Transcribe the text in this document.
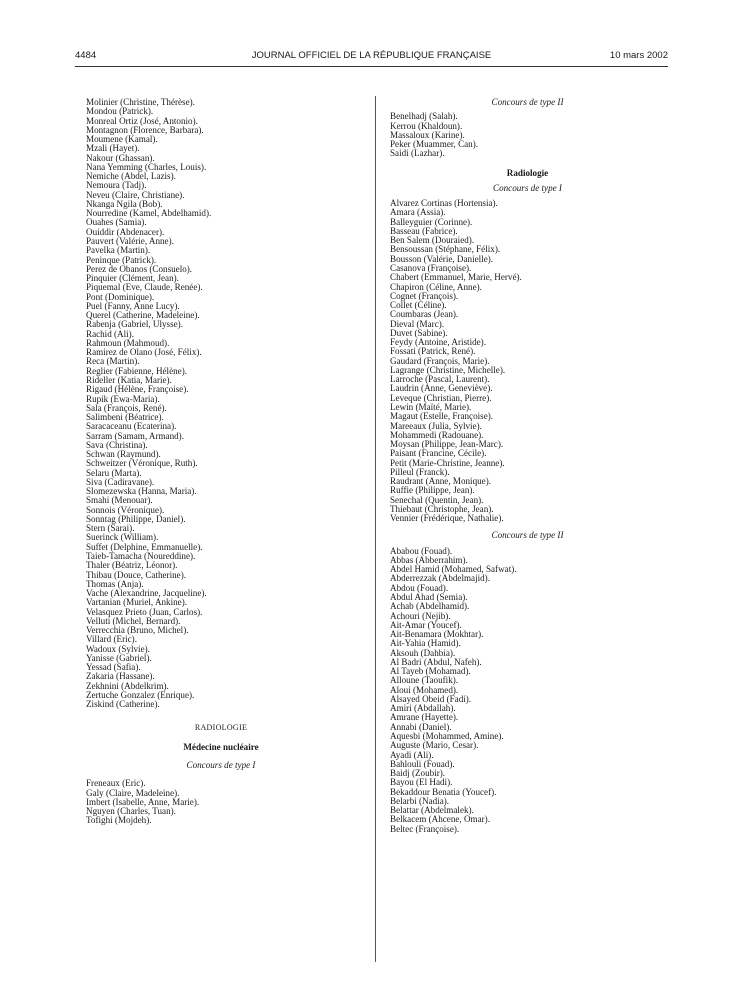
4484	JOURNAL OFFICIEL DE LA RÉPUBLIQUE FRANÇAISE	10 mars 2002
Molinier (Christine, Thérèse).
Mondou (Patrick).
Monreal Ortiz (José, Antonio).
Montagnon (Florence, Barbara).
Moumene (Kamal).
Mzali (Hayet).
Nakour (Ghassan).
Nana Yemming (Charles, Louis).
Nemiche (Abdel, Lazis).
Nemoura (Tadj).
Neveu (Claire, Christiane).
Nkanga Ngila (Bob).
Nourredine (Kamel, Abdelhamid).
Ouahes (Samia).
Ouiddir (Abdenacer).
Pauvert (Valérie, Anne).
Pavelka (Martin).
Peninque (Patrick).
Perez de Obanos (Consuelo).
Pinquier (Clément, Jean).
Piquemal (Eve, Claude, Renée).
Pont (Dominique).
Puel (Fanny, Anne Lucy).
Querel (Catherine, Madeleine).
Rabenja (Gabriel, Ulysse).
Rachid (Ali).
Rahmoun (Mahmoud).
Ramirez de Olano (José, Félix).
Reca (Martin).
Reglier (Fabienne, Hélène).
Rideller (Katia, Marie).
Rigaud (Hélène, Françoise).
Rupik (Ewa-Maria).
Sala (François, René).
Salimbeni (Béatrice).
Saracaceanu (Ecaterina).
Sarram (Samam, Armand).
Sava (Christina).
Schwan (Raymund).
Schweitzer (Véronique, Ruth).
Selaru (Marta).
Siva (Cadiravane).
Slomezewska (Hanna, Maria).
Smahi (Menouar).
Sonnois (Véronique).
Sonntag (Philippe, Daniel).
Stern (Sarai).
Suerinck (William).
Suffet (Delphine, Emmanuelle).
Taieb-Tamacha (Noureddine).
Thaler (Béatriz, Léonor).
Thibau (Douce, Catherine).
Thomas (Anja).
Vache (Alexandrine, Jacqueline).
Vartanian (Muriel, Ankine).
Velasquez Prieto (Juan, Carlos).
Velluti (Michel, Bernard).
Verrecchia (Bruno, Michel).
Villard (Eric).
Wadoux (Sylvie).
Yanisse (Gabriel).
Yessad (Safia).
Zakaria (Hassane).
Zekhnini (Abdelkrim).
Zertuche Gonzalez (Enrique).
Ziskind (Catherine).
RADIOLOGIE
Médecine nucléaire
Concours de type I
Freneaux (Eric).
Galy (Claire, Madeleine).
Imbert (Isabelle, Anne, Marie).
Nguyen (Charles, Tuan).
Tofighi (Mojdeh).
Concours de type II
Benelhadj (Salah).
Kerrou (Khaldoun).
Massaloux (Karine).
Peker (Muammer, Can).
Saidi (Lazhar).
Radiologie
Concours de type I
Alvarez Cortinas (Hortensia).
Amara (Assia).
Balleyguier (Corinne).
Basseau (Fabrice).
Ben Salem (Douraied).
Bensoussan (Stéphane, Félix).
Bousson (Valérie, Danielle).
Casanova (Françoise).
Chabert (Emmanuel, Marie, Hervé).
Chapiron (Céline, Anne).
Cognet (François).
Collet (Céline).
Coumbaras (Jean).
Dieval (Marc).
Duvet (Sabine).
Feydy (Antoine, Aristide).
Fossati (Patrick, René).
Gaudard (François, Marie).
Lagrange (Christine, Michelle).
Larroche (Pascal, Laurent).
Laudrin (Anne, Geneviève).
Leveque (Christian, Pierre).
Lewin (Maïté, Marie).
Magaut (Estelle, Françoise).
Mareeaux (Julia, Sylvie).
Mohammedi (Radouane).
Moysan (Philippe, Jean-Marc).
Paisant (Francine, Cécile).
Petit (Marie-Christine, Jeanne).
Pilleul (Franck).
Raudrant (Anne, Monique).
Ruffie (Philippe, Jean).
Senechal (Quentin, Jean).
Thiebaut (Christophe, Jean).
Vennier (Frédérique, Nathalie).
Concours de type II
Ababou (Fouad).
Abbas (Abberrahim).
Abdel Hamid (Mohamed, Safwat).
Abderrezzak (Abdelmajid).
Abdou (Fouad).
Abdul Ahad (Semia).
Achab (Abdelhamid).
Achouri (Nejib).
Ait-Amar (Youcef).
Ait-Benamara (Mokhtar).
Ait-Yahia (Hamid).
Aksouh (Dahbia).
Al Badri (Abdul, Nafeh).
Al Tayeb (Mohamad).
Alloune (Taoufik).
Aloui (Mohamed).
Alsayed Obeid (Fadi).
Amiri (Abdallah).
Amrane (Hayette).
Annabi (Daniel).
Aquesbi (Mohammed, Amine).
Auguste (Mario, Cesar).
Ayadi (Ali).
Bahlouli (Fouad).
Baidj (Zoubir).
Bayou (El Hadi).
Bekaddour Benatia (Youcef).
Belarbi (Nadia).
Belattar (Abdelmalek).
Belkacem (Ahcene, Omar).
Beltec (Françoise).
